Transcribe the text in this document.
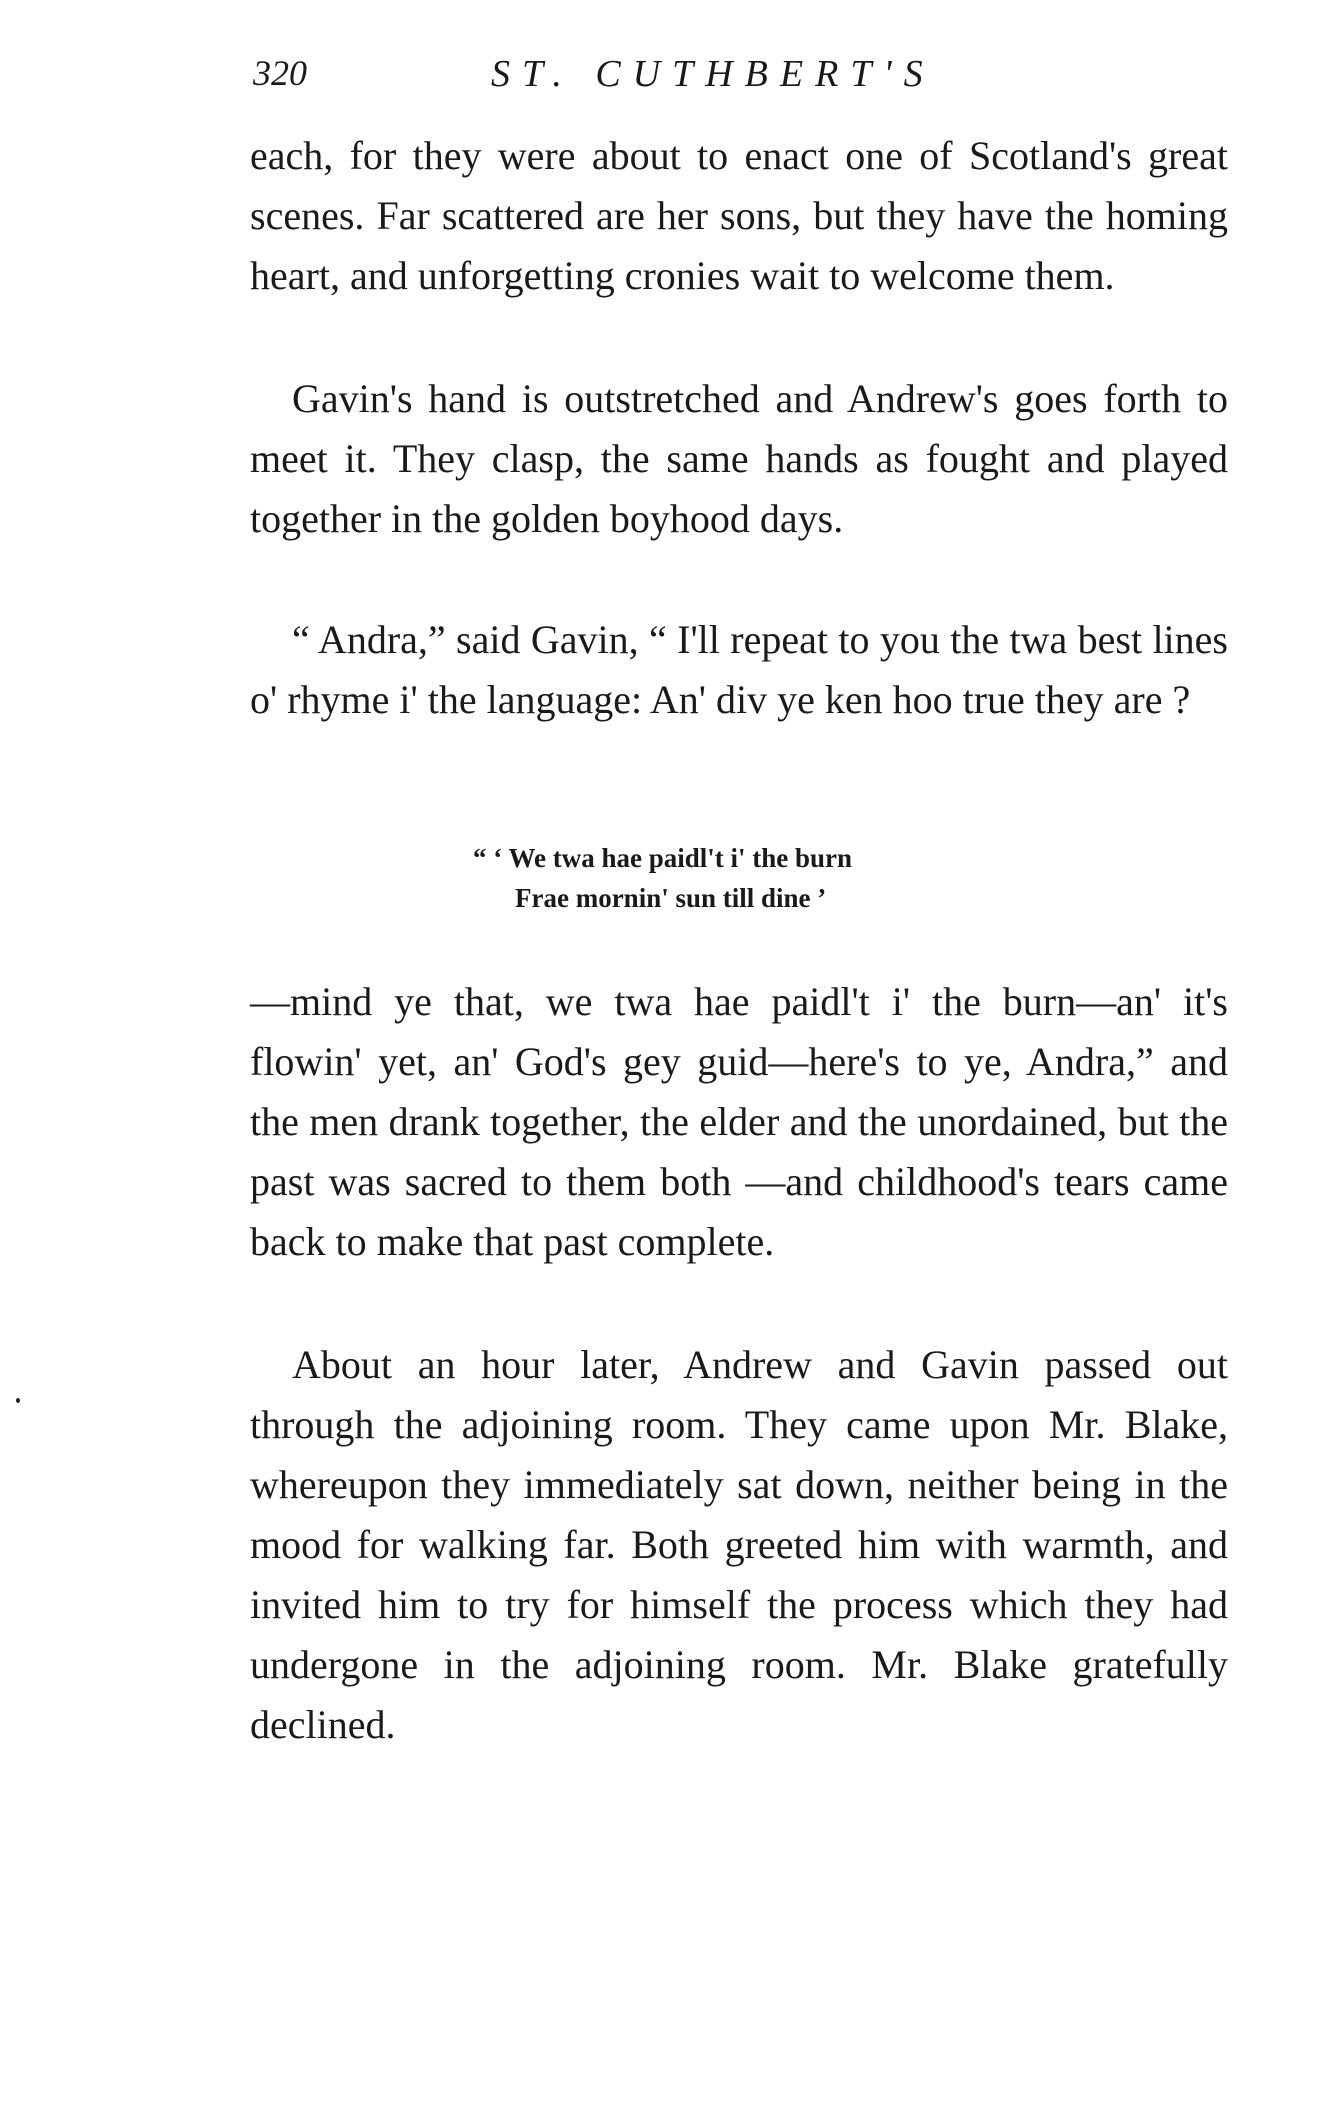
320	ST. CUTHBERT'S

each, for they were about to enact one of Scotland's great scenes. Far scattered are her sons, but they have the homing heart, and unforgetting cronies wait to welcome them.

Gavin's hand is outstretched and Andrew's goes forth to meet it. They clasp, the same hands as fought and played together in the golden boyhood days.

“ Andra,” said Gavin, “ I'll repeat to you the twa best lines o' rhyme i' the language: An' div ye ken hoo true they are ?

“ ‘ We twa hae paidl't i' the burn
Frae mornin' sun till dine ’

—mind ye that, we twa hae paidl't i' the burn—an' it's flowin' yet, an' God's gey guid—here's to ye, Andra,” and the men drank together, the elder and the unordained, but the past was sacred to them both —and childhood's tears came back to make that past complete.

About an hour later, Andrew and Gavin passed out through the adjoining room. They came upon Mr. Blake, whereupon they immediately sat down, neither being in the mood for walking far. Both greeted him with warmth, and invited him to try for himself the process which they had undergone in the adjoining room. Mr. Blake gratefully declined.
